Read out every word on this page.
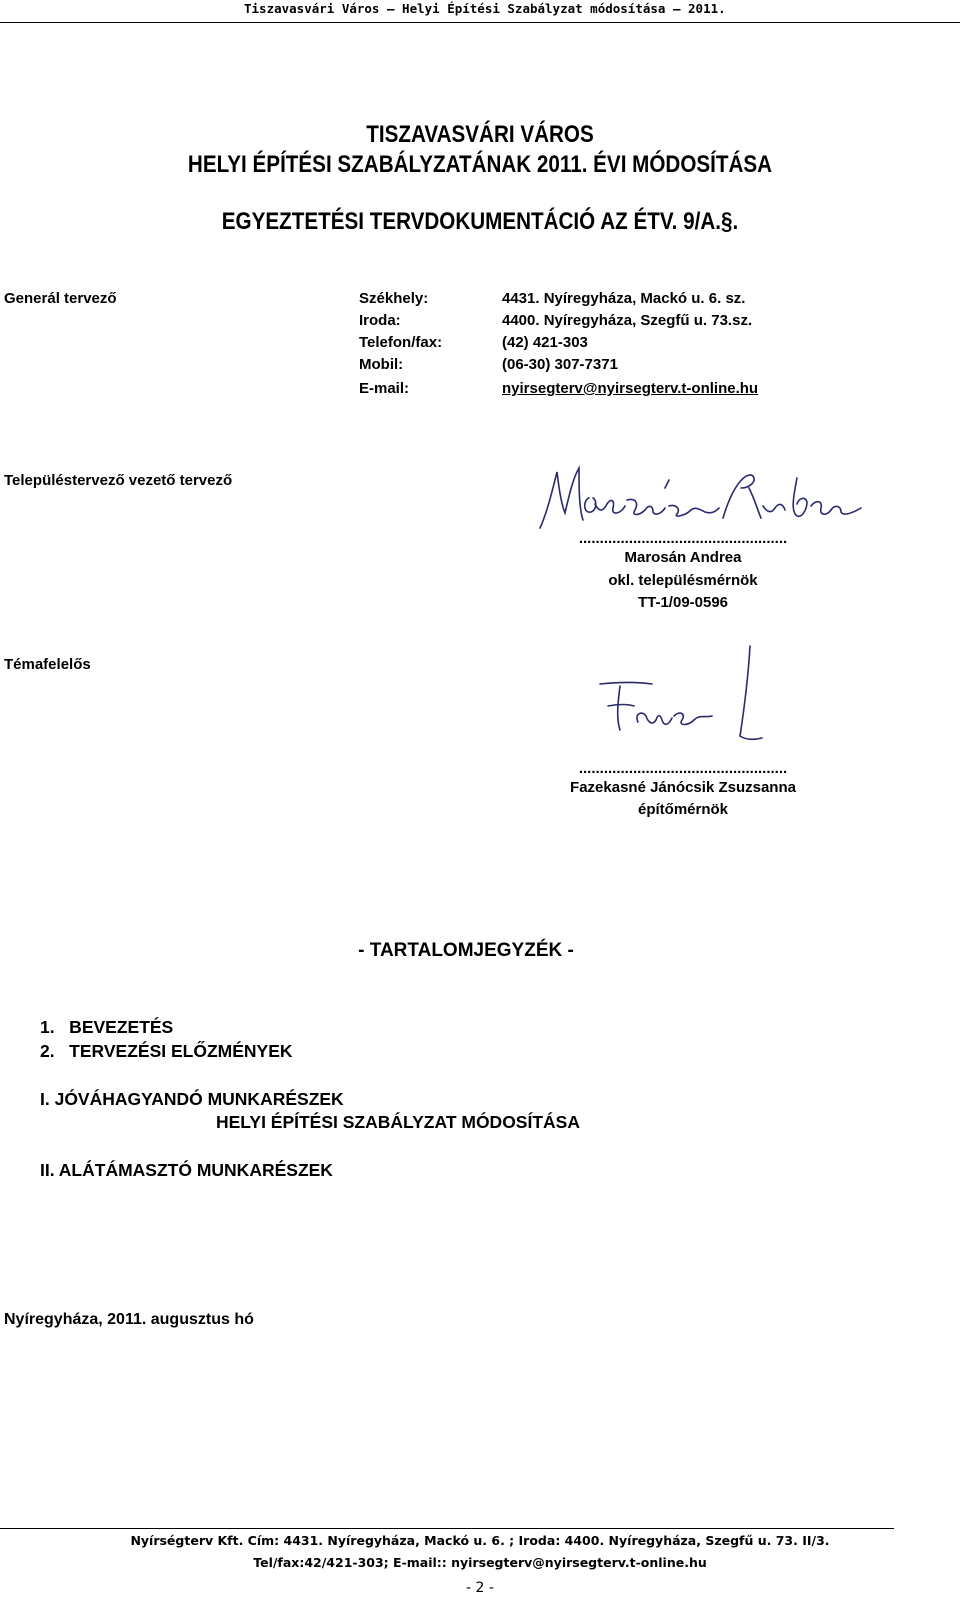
Tiszavasvári Város – Helyi Építési Szabályzat módosítása – 2011.
TISZAVASVÁRI VÁROS
HELYI ÉPÍTÉSI SZABÁLYZATÁNAK 2011. ÉVI MÓDOSÍTÁSA
EGYEZTETÉSI TERVDOKUMENTÁCIÓ AZ ÉTV. 9/A.§.
Generál tervező	Székhely:	4431. Nyíregyháza, Mackó u. 6. sz.
Iroda:	4400. Nyíregyháza, Szegfű u. 73.sz.
Telefon/fax:	(42) 421-303
Mobil:	(06-30) 307-7371
E-mail:	nyirsegterv@nyirsegterv.t-online.hu
Településtervező vezető tervező
..................................................
Marosán Andrea
okl. településmérnök
TT-1/09-0596
Témafelelős
..................................................
Fazekasné Jánócsik Zsuzsanna
építőmérnök
- TARTALOMJEGYZÉK -
1.   BEVEZETÉS
2.   TERVEZÉSI ELŐZMÉNYEK
I. JÓVÁHAGYANDÓ MUNKARÉSZEK
HELYI ÉPÍTÉSI SZABÁLYZAT MÓDOSÍTÁSA
II. ALÁTÁMASZTÓ MUNKARÉSZEK
Nyíregyháza, 2011. augusztus hó
Nyírségterv Kft. Cím: 4431. Nyíregyháza, Mackó u. 6. ; Iroda: 4400. Nyíregyháza, Szegfű u. 73. II/3.
Tel/fax:42/421-303; E-mail:: nyirsegterv@nyirsegterv.t-online.hu
- 2 -
